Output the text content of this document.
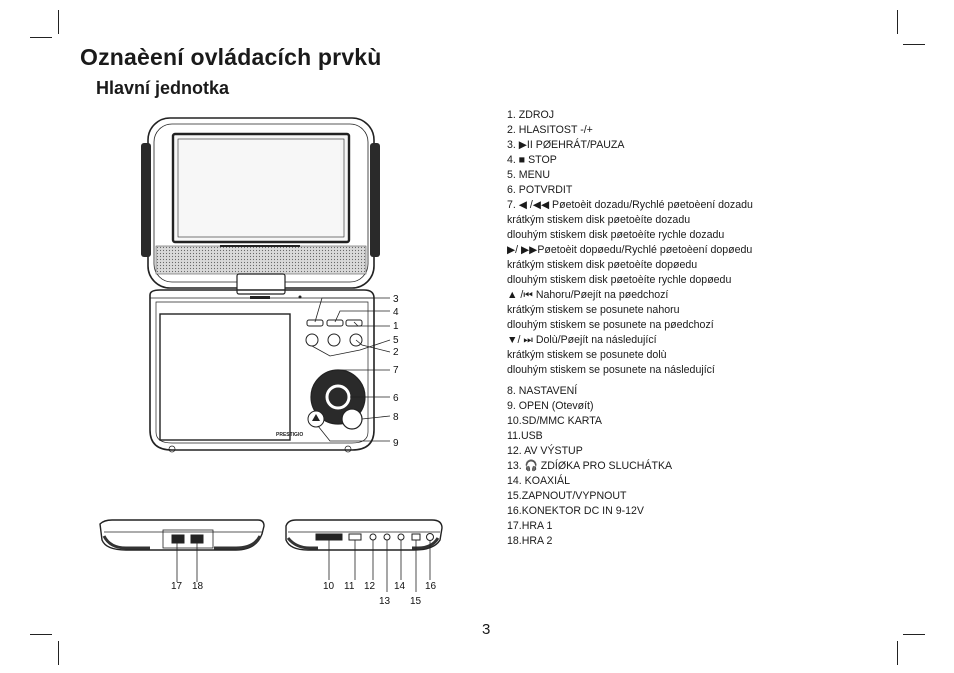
Oznaèení ovládacích prvkù
Hlavní jednotka
1. ZDROJ
2. HLASITOST -/+
3. ▶II PØEHRÁT/PAUZA
4. ■ STOP
5. MENU
6. POTVRDIT
7. ◀ /◀◀ Pøetoèit dozadu/Rychlé pøetoèení dozadu
krátkým stiskem disk pøetoèíte dozadu
dlouhým stiskem disk pøetoèíte rychle dozadu
▶/ ▶▶Pøetoèit dopøedu/Rychlé pøetoèení dopøedu
krátkým stiskem disk pøetoèíte dopøedu
dlouhým stiskem disk pøetoèíte rychle dopøedu
▲ /⏮ Nahoru/Pøejít na pøedchozí
krátkým stiskem se posunete nahoru
dlouhým stiskem se posunete na pøedchozí
▼/ ⏭ Dolù/Pøejít na následující
krátkým stiskem se posunete dolù
dlouhým stiskem se posunete na následující
8. NASTAVENÍ
9. OPEN (Otevøít)
10.SD/MMC KARTA
11.USB
12. AV VÝSTUP
13. 🎧 ZDÍØKA PRO SLUCHÁTKA
14. KOAXIÁL
15.ZAPNOUT/VYPNOUT
16.KONEKTOR DC IN 9-12V
17.HRA 1
18.HRA 2
3
PRESTIGIO
3
4
1
5
2
7
6
8
9
17 18	10 11 12 14 16
13 15
